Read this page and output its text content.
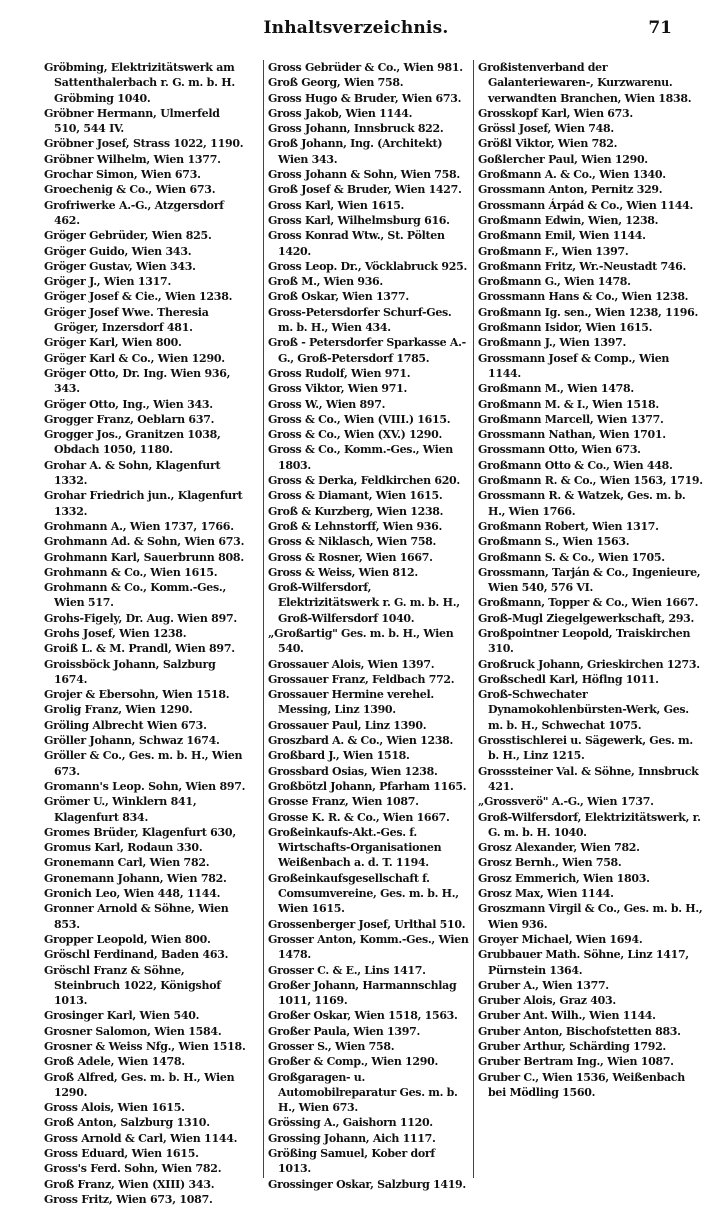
Inhaltsverzeichnis.	71

Gröbming, Elektrizitätswerk am Sattenthalerbach r. G. m. b. H. Gröbming 1040.

Gröbner Hermann, Ulmerfeld 510, 544 IV.

Gröbner Josef, Strass 1022, 1190.

Gröbner Wilhelm, Wien 1377.

Grochar Simon, Wien 673.

Groechenig & Co., Wien 673.

Grofriwerke A.-G., Atzgersdorf 462.

Gröger Gebrüder, Wien 825.

Gröger Guido, Wien 343.

Gröger Gustav, Wien 343.

Gröger J., Wien 1317.

Gröger Josef & Cie., Wien 1238.

Gröger Josef Wwe. Theresia Gröger, Inzersdorf 481.

Gröger Karl, Wien 800.

Gröger Karl & Co., Wien 1290.

Gröger Otto, Dr. Ing. Wien 936, 343.

Gröger Otto, Ing., Wien 343.

Grogger Franz, Oeblarn 637.

Grogger Jos., Granitzen 1038, Obdach 1050, 1180.

Grohar A. & Sohn, Klagenfurt 1332.

Grohar Friedrich jun., Klagenfurt 1332.

Grohmann A., Wien 1737, 1766.

Grohmann Ad. & Sohn, Wien 673.

Grohmann Karl, Sauerbrunn 808.

Grohmann & Co., Wien 1615.

Grohmann & Co., Komm.-Ges., Wien 517.

Grohs-Figely, Dr. Aug. Wien 897.

Grohs Josef, Wien 1238.

Groiß L. & M. Prandl, Wien 897.

Groissböck Johann, Salzburg 1674.

Grojer & Ebersohn, Wien 1518.

Grolig Franz, Wien 1290.

Gröling Albrecht Wien 673.

Gröller Johann, Schwaz 1674.

Gröller & Co., Ges. m. b. H., Wien 673.

Gromann's Leop. Sohn, Wien 897.

Grömer U., Winklern 841, Klagenfurt 834.

Gromes Brüder, Klagenfurt 630,

Gromus Karl, Rodaun 330.

Gronemann Carl, Wien 782.

Gronemann Johann, Wien 782.

Gronich Leo, Wien 448, 1144.

Gronner Arnold & Söhne, Wien 853.

Gropper Leopold, Wien 800.

Gröschl Ferdinand, Baden 463.

Gröschl Franz & Söhne, Steinbruch 1022, Königshof 1013.

Grosinger Karl, Wien 540.

Grosner Salomon, Wien 1584.

Grosner & Weiss Nfg., Wien 1518.

Groß Adele, Wien 1478.

Groß Alfred, Ges. m. b. H., Wien 1290.

Gross Alois, Wien 1615.

Groß Anton, Salzburg 1310.

Gross Arnold & Carl, Wien 1144.

Gross Eduard, Wien 1615.

Gross's Ferd. Sohn, Wien 782.

Groß Franz, Wien (XIII) 343.

Gross Fritz, Wien 673, 1087.

Gross Gebrüder & Co., Wien 981.

Groß Georg, Wien 758.

Gross Hugo & Bruder, Wien 673.

Gross Jakob, Wien 1144.

Gross Johann, Innsbruck 822.

Groß Johann, Ing. (Architekt) Wien 343.

Gross Johann & Sohn, Wien 758.

Groß Josef & Bruder, Wien 1427.

Gross Karl, Wien 1615.

Gross Karl, Wilhelmsburg 616.

Gross Konrad Wtw., St. Pölten 1420.

Gross Leop. Dr., Vöcklabruck 925.

Groß M., Wien 936.

Groß Oskar, Wien 1377.

Gross-Petersdorfer Schurf-Ges. m. b. H., Wien 434.

Groß - Petersdorfer Sparkasse A.-G., Groß-Petersdorf 1785.

Gross Rudolf, Wien 971.

Gross Viktor, Wien 971.

Gross W., Wien 897.

Gross & Co., Wien (VIII.) 1615.

Gross & Co., Wien (XV.) 1290.

Gross & Co., Komm.-Ges., Wien 1803.

Gross & Derka, Feldkirchen 620.

Gross & Diamant, Wien 1615.

Groß & Kurzberg, Wien 1238.

Groß & Lehnstorff, Wien 936.

Gross & Niklasch, Wien 758.

Gross & Rosner, Wien 1667.

Gross & Weiss, Wien 812.

Groß-Wilfersdorf, Elektrizitätswerk r. G. m. b. H., Groß-Wilfersdorf 1040.

„Großartig" Ges. m. b. H., Wien 540.

Grossauer Alois, Wien 1397.

Grossauer Franz, Feldbach 772.

Grossauer Hermine verehel. Messing, Linz 1390.

Grossauer Paul, Linz 1390.

Groszbard A. & Co., Wien 1238.

Großbard J., Wien 1518.

Grossbard Osias, Wien 1238.

Großbötzl Johann, Pfarham 1165.

Grosse Franz, Wien 1087.

Grosse K. R. & Co., Wien 1667.

Großeinkaufs-Akt.-Ges. f. Wirtschafts-Organisationen Weißenbach a. d. T. 1194.

Großeinkaufsgesellschaft f. Comsumvereine, Ges. m. b. H., Wien 1615.

Grossenberger Josef, Urlthal 510.

Grosser Anton, Komm.-Ges., Wien 1478.

Grosser C. & E., Lins 1417.

Großer Johann, Harmannschlag 1011, 1169.

Großer Oskar, Wien 1518, 1563.

Großer Paula, Wien 1397.

Grosser S., Wien 758.

Großer & Comp., Wien 1290.

Großgaragen- u. Automobilreparatur Ges. m. b. H., Wien 673.

Grössing A., Gaishorn 1120.

Grossing Johann, Aich 1117.

Größing Samuel, Kober dorf 1013.

Grossinger Oskar, Salzburg 1419.

Großistenverband der Galanteriewaren-, Kurzwarenu. verwandten Branchen, Wien 1838.

Grosskopf Karl, Wien 673.

Grössl Josef, Wien 748.

Größl Viktor, Wien 782.

Goßlercher Paul, Wien 1290.

Großmann A. & Co., Wien 1340.

Grossmann Anton, Pernitz 329.

Grossmann Árpád & Co., Wien 1144.

Großmann Edwin, Wien, 1238.

Großmann Emil, Wien 1144.

Großmann F., Wien 1397.

Großmann Fritz, Wr.-Neustadt 746.

Großmann G., Wien 1478.

Grossmann Hans & Co., Wien 1238.

Großmann Ig. sen., Wien 1238, 1196.

Großmann Isidor, Wien 1615.

Großmann J., Wien 1397.

Grossmann Josef & Comp., Wien 1144.

Großmann M., Wien 1478.

Großmann M. & I., Wien 1518.

Großmann Marcell, Wien 1377.

Grossmann Nathan, Wien 1701.

Grossmann Otto, Wien 673.

Großmann Otto & Co., Wien 448.

Großmann R. & Co., Wien 1563, 1719.

Grossmann R. & Watzek, Ges. m. b. H., Wien 1766.

Großmann Robert, Wien 1317.

Großmann S., Wien 1563.

Großmann S. & Co., Wien 1705.

Grossmann, Tarján & Co., Ingenieure, Wien 540, 576 VI.

Großmann, Topper & Co., Wien 1667.

Groß-Mugl Ziegelgewerkschaft, 293.

Großpointner Leopold, Traiskirchen 310.

Großruck Johann, Grieskirchen 1273.

Großschedl Karl, Höflng 1011.

Groß-Schwechater Dynamokohlenbürsten-Werk, Ges. m. b. H., Schwechat 1075.

Grosstischlerei u. Sägewerk, Ges. m. b. H., Linz 1215.

Grosssteiner Val. & Söhne, Innsbruck 421.

„Grossverö" A.-G., Wien 1737.

Groß-Wilfersdorf, Elektrizitätswerk, r. G. m. b. H. 1040.

Grosz Alexander, Wien 782.

Grosz Bernh., Wien 758.

Grosz Emmerich, Wien 1803.

Grosz Max, Wien 1144.

Groszmann Virgil & Co., Ges. m. b. H., Wien 936.

Groyer Michael, Wien 1694.

Grubbauer Math. Söhne, Linz 1417, Pürnstein 1364.

Gruber A., Wien 1377.

Gruber Alois, Graz 403.

Gruber Ant. Wilh., Wien 1144.

Gruber Anton, Bischofstetten 883.

Gruber Arthur, Schärding 1792.

Gruber Bertram Ing., Wien 1087.

Gruber C., Wien 1536, Weißenbach bei Mödling 1560.
